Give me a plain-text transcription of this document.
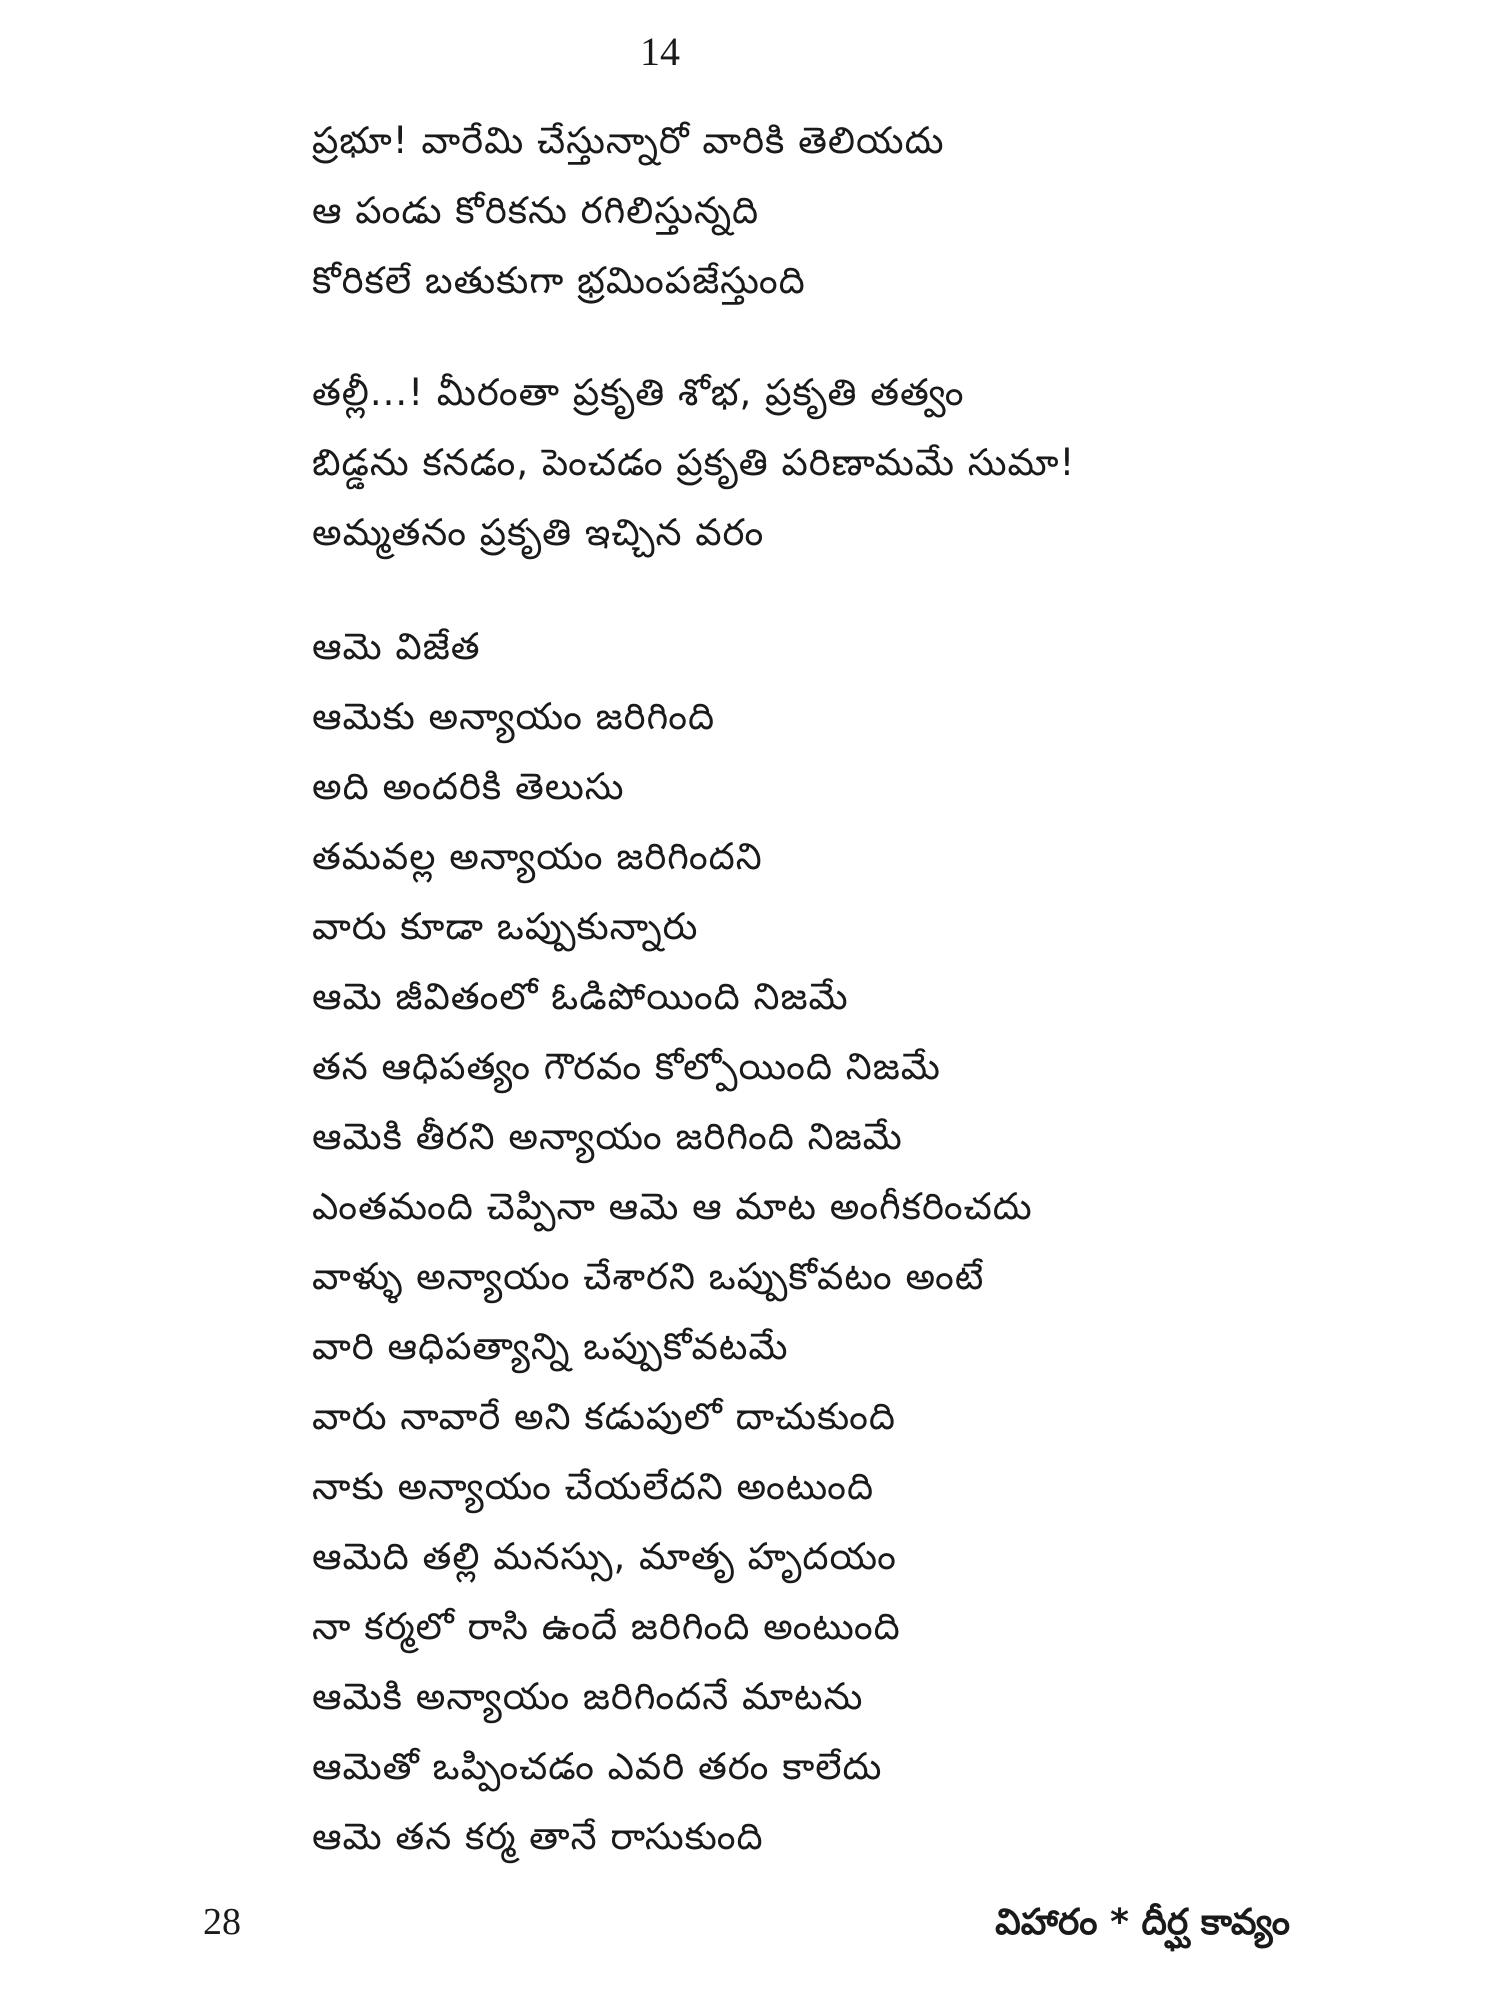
14
ప్రభూ! వారేమి చేస్తున్నారో వారికి తెలియదు
ఆ పండు కోరికను రగిలిస్తున్నది
కోరికలే బతుకుగా భ్రమింపజేస్తుంది
తల్లీ...! మీరంతా ప్రకృతి శోభ, ప్రకృతి తత్వం
బిడ్డను కనడం, పెంచడం ప్రకృతి పరిణామమే సుమా!
అమ్మతనం ప్రకృతి ఇచ్చిన వరం
ఆమె విజేత
ఆమెకు అన్యాయం జరిగింది
అది అందరికి తెలుసు
తమవల్ల అన్యాయం జరిగిందని
వారు కూడా ఒప్పుకున్నారు
ఆమె జీవితంలో ఓడిపోయింది నిజమే
తన ఆధిపత్యం గౌరవం కోల్పోయింది నిజమే
ఆమెకి తీరని అన్యాయం జరిగింది నిజమే
ఎంతమంది చెప్పినా ఆమె ఆ మాట అంగీకరించదు
వాళ్ళు అన్యాయం చేశారని ఒప్పుకోవటం అంటే
వారి ఆధిపత్యాన్ని ఒప్పుకోవటమే
వారు నావారే అని కడుపులో దాచుకుంది
నాకు అన్యాయం చేయలేదని అంటుంది
ఆమెది తల్లి మనస్సు, మాతృ హృదయం
నా కర్మలో రాసి ఉందే జరిగింది అంటుంది
ఆమెకి అన్యాయం జరిగిందనే మాటను
ఆమెతో ఒప్పించడం ఎవరి తరం కాలేదు
ఆమె తన కర్మ తానే రాసుకుంది
28	విహారం * దీర్ఘ కావ్యం
